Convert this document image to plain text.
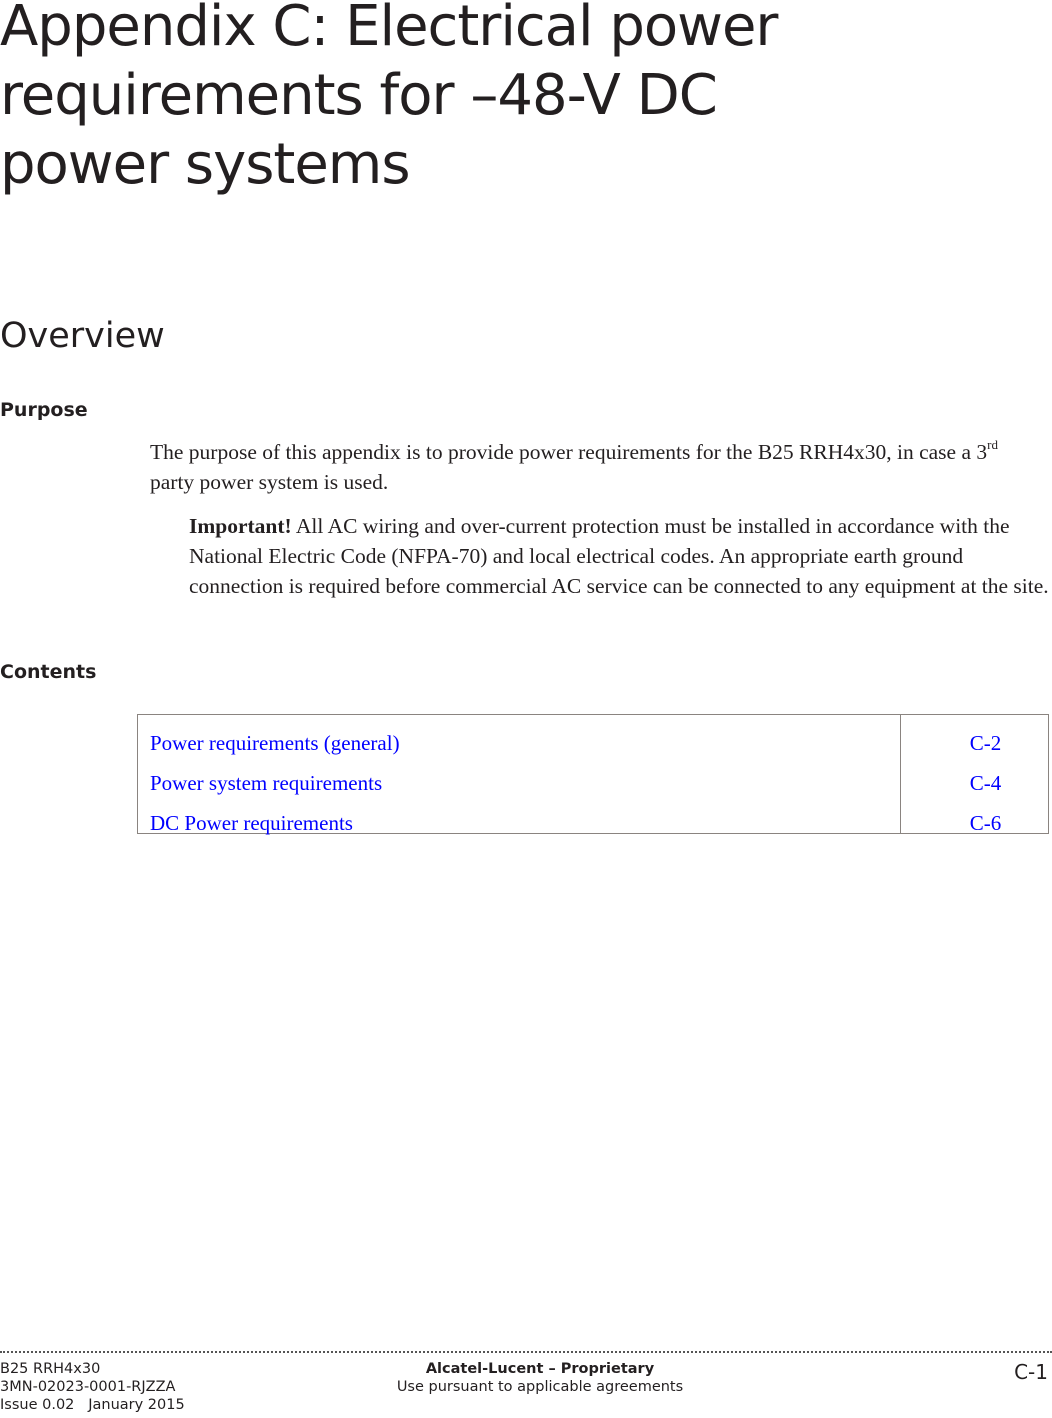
Appendix C: Electrical power
requirements for –48-V DC
power systems
Overview
Purpose
The purpose of this appendix is to provide power requirements for the B25 RRH4x30, in case a 3rd party power system is used.
Important! All AC wiring and over-current protection must be installed in accordance with the National Electric Code (NFPA-70) and local electrical codes. An appropriate earth ground connection is required before commercial AC service can be connected to any equipment at the site.
Contents
Power requirements (general)
Power system requirements
DC Power requirements
C-2
C-4
C-6
B25 RRH4x30
3MN-02023-0001-RJZZA
Issue 0.02   January 2015
Alcatel-Lucent – Proprietary
Use pursuant to applicable agreements
C-1
